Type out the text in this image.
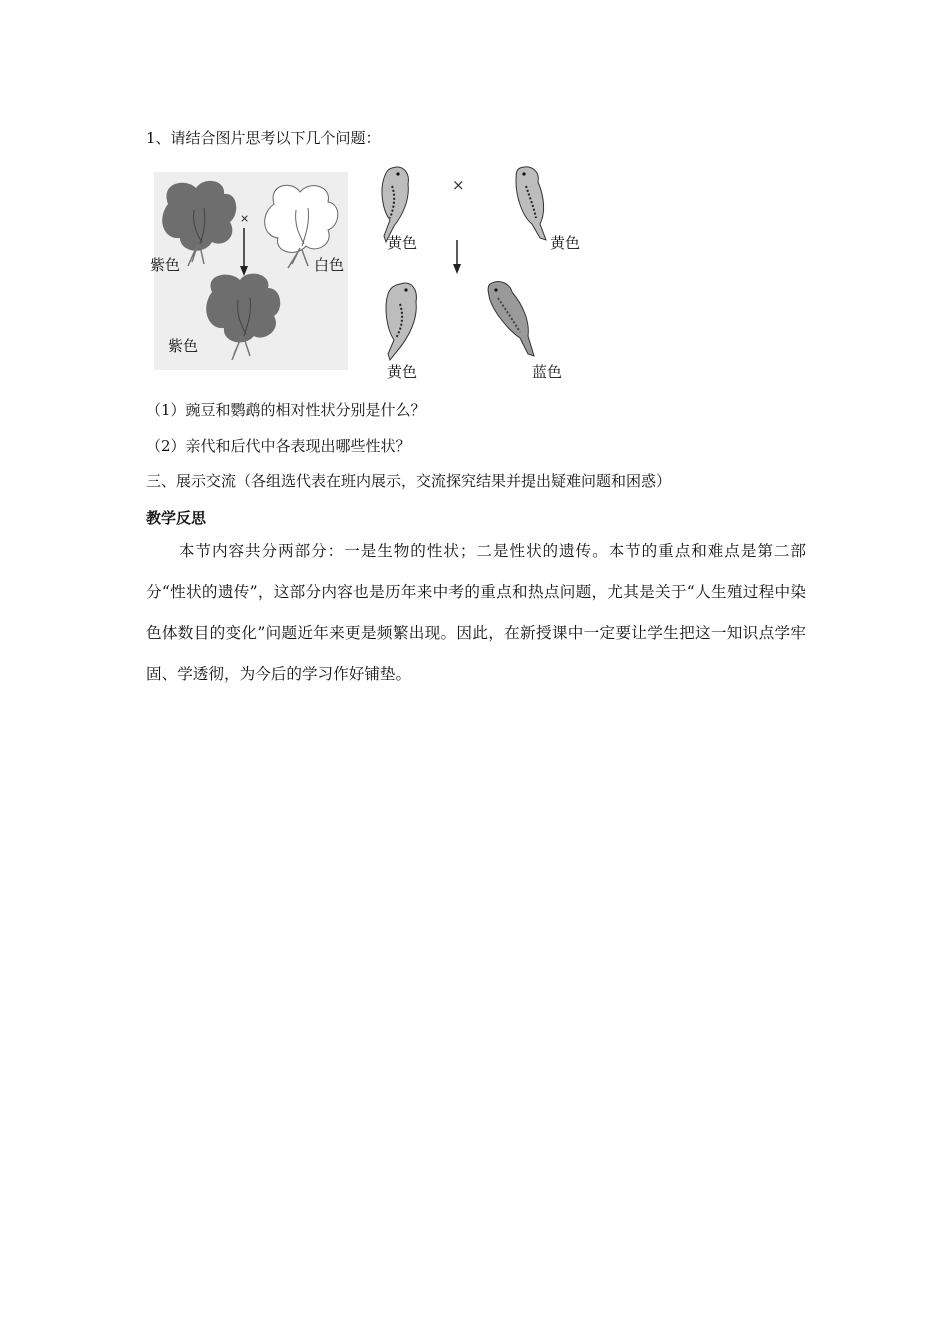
1、请结合图片思考以下几个问题：
×
紫色	白色
紫色
×
黄色	黄色
黄色	蓝色
（1）豌豆和鹦鹉的相对性状分别是什么？
（2）亲代和后代中各表现出哪些性状？
三、展示交流（各组选代表在班内展示，交流探究结果并提出疑难问题和困惑）
教学反思
本节内容共分两部分：一是生物的性状；二是性状的遗传。本节的重点和难点是第二部分“性状的遗传”，这部分内容也是历年来中考的重点和热点问题，尤其是关于“人生殖过程中染色体数目的变化”问题近年来更是频繁出现。因此，在新授课中一定要让学生把这一知识点学牢固、学透彻，为今后的学习作好铺垫。
